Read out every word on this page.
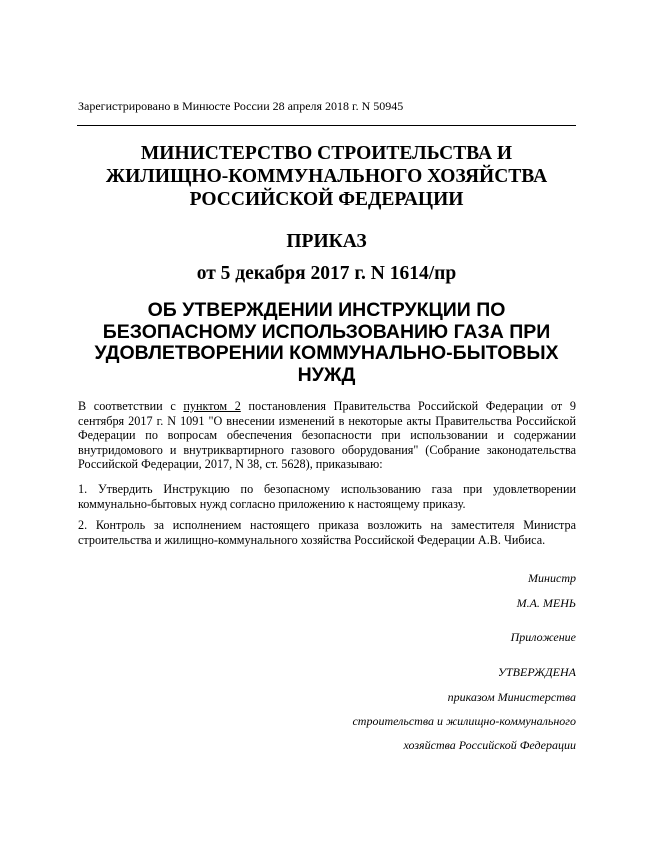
Зарегистрировано в Минюсте России 28 апреля 2018 г. N 50945
МИНИСТЕРСТВО СТРОИТЕЛЬСТВА И
ЖИЛИЩНО-КОММУНАЛЬНОГО ХОЗЯЙСТВА
РОССИЙСКОЙ ФЕДЕРАЦИИ
ПРИКАЗ
от 5 декабря 2017 г. N 1614/пр
ОБ УТВЕРЖДЕНИИ ИНСТРУКЦИИ ПО
БЕЗОПАСНОМУ ИСПОЛЬЗОВАНИЮ ГАЗА ПРИ
УДОВЛЕТВОРЕНИИ КОММУНАЛЬНО-БЫТОВЫХ
НУЖД
В соответствии с пунктом 2 постановления Правительства Российской Федерации от 9 сентября 2017 г. N 1091 "О внесении изменений в некоторые акты Правительства Российской Федерации по вопросам обеспечения безопасности при использовании и содержании внутридомового и внутриквартирного газового оборудования" (Собрание законодательства Российской Федерации, 2017, N 38, ст. 5628), приказываю:
1. Утвердить Инструкцию по безопасному использованию газа при удовлетворении коммунально-бытовых нужд согласно приложению к настоящему приказу.
2. Контроль за исполнением настоящего приказа возложить на заместителя Министра строительства и жилищно-коммунального хозяйства Российской Федерации А.В. Чибиса.
Министр
М.А. МЕНЬ
Приложение
УТВЕРЖДЕНА
приказом Министерства
строительства и жилищно-коммунального
хозяйства Российской Федерации
